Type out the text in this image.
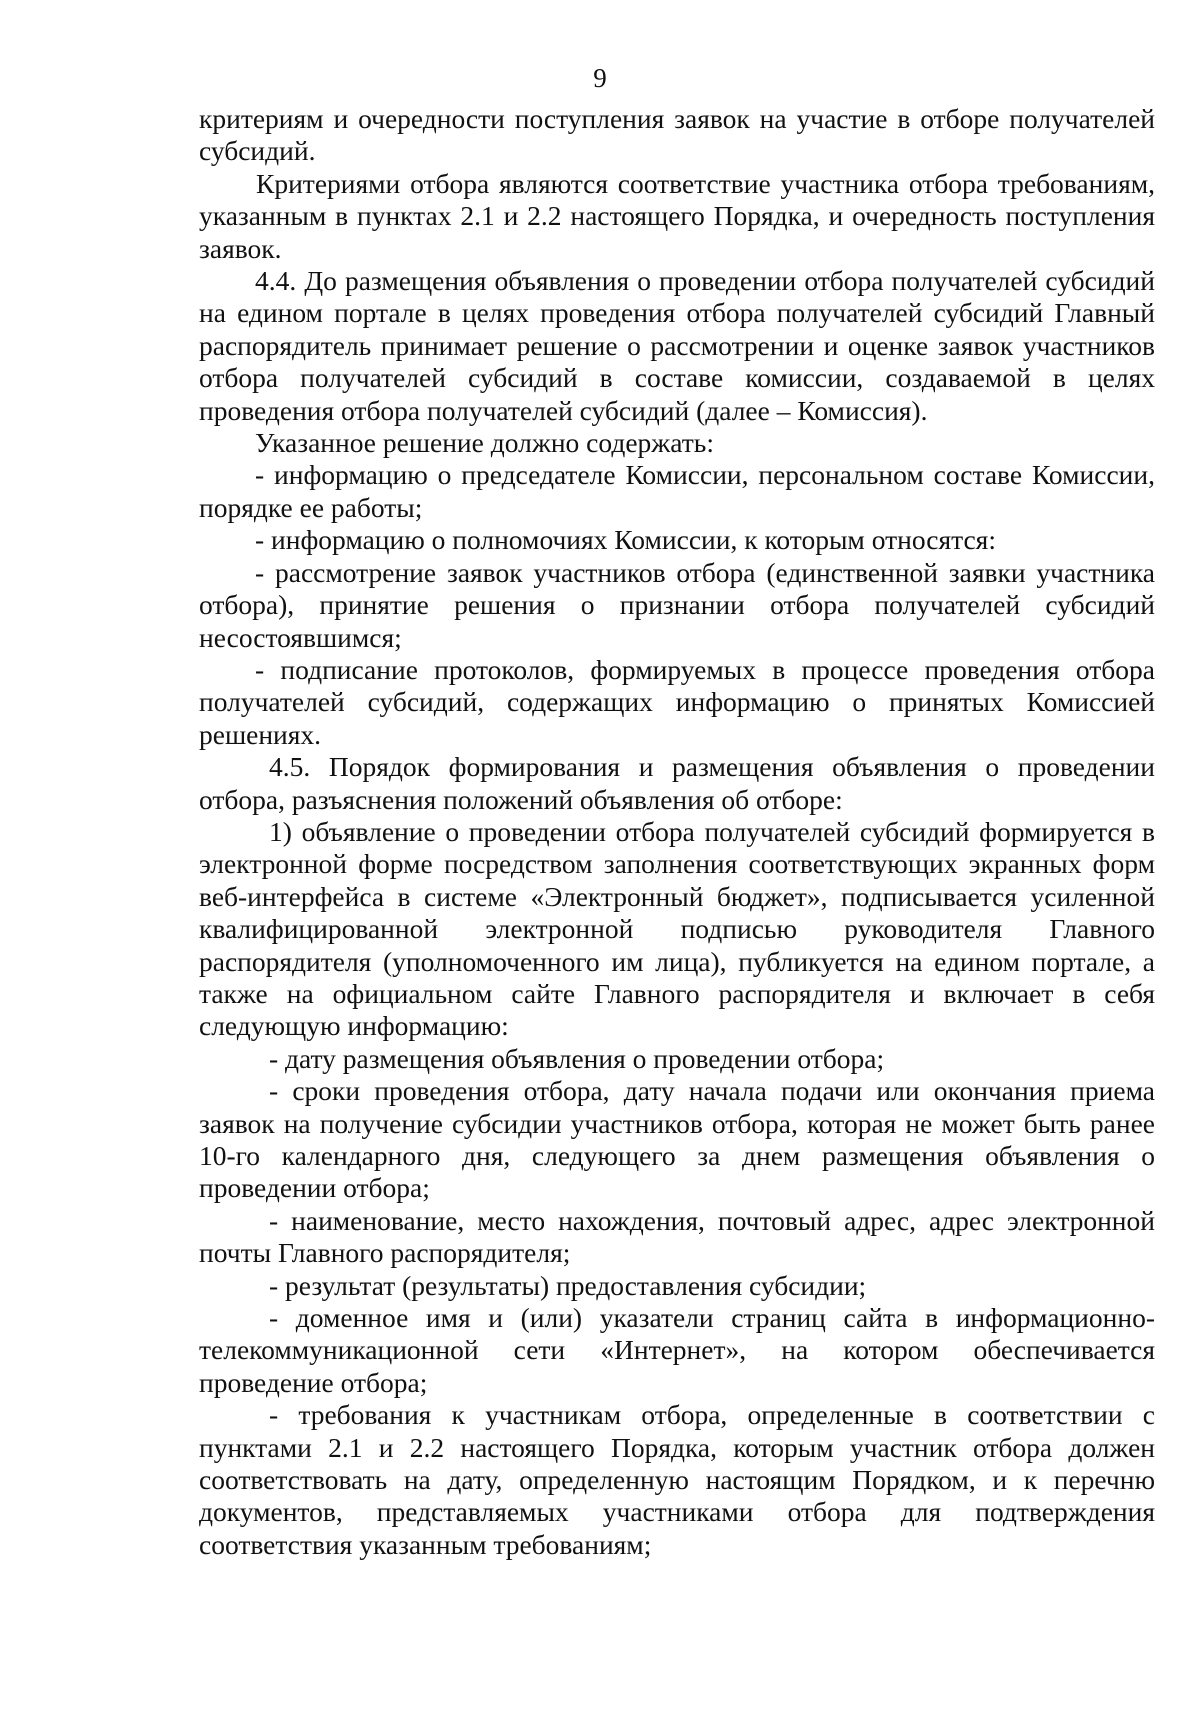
9

критериям и очередности поступления заявок на участие в отборе получателей субсидий.

Критериями отбора являются соответствие участника отбора требованиям, указанным в пунктах 2.1 и 2.2 настоящего Порядка, и очередность поступления заявок.

4.4. До размещения объявления о проведении отбора получателей субсидий на едином портале в целях проведения отбора получателей субсидий Главный распорядитель принимает решение о рассмотрении и оценке заявок участников отбора получателей субсидий в составе комиссии, создаваемой в целях проведения отбора получателей субсидий (далее – Комиссия).

Указанное решение должно содержать:

- информацию о председателе Комиссии, персональном составе Комиссии, порядке ее работы;

- информацию о полномочиях Комиссии, к которым относятся:

- рассмотрение заявок участников отбора (единственной заявки участника отбора), принятие решения о признании отбора получателей субсидий несостоявшимся;

- подписание протоколов, формируемых в процессе проведения отбора получателей субсидий, содержащих информацию о принятых Комиссией решениях.

4.5. Порядок формирования и размещения объявления о проведении отбора, разъяснения положений объявления об отборе:

1) объявление о проведении отбора получателей субсидий формируется в электронной форме посредством заполнения соответствующих экранных форм веб-интерфейса в системе «Электронный бюджет», подписывается усиленной квалифицированной электронной подписью руководителя Главного распорядителя (уполномоченного им лица), публикуется на едином портале, а также на официальном сайте Главного распорядителя и включает в себя следующую информацию:

- дату размещения объявления о проведении отбора;

- сроки проведения отбора, дату начала подачи или окончания приема заявок на получение субсидии участников отбора, которая не может быть ранее 10-го календарного дня, следующего за днем размещения объявления о проведении отбора;

- наименование, место нахождения, почтовый адрес, адрес электронной почты Главного распорядителя;

- результат (результаты) предоставления субсидии;

- доменное имя и (или) указатели страниц сайта в информационно-телекоммуникационной сети «Интернет», на котором обеспечивается проведение отбора;

- требования к участникам отбора, определенные в соответствии с пунктами 2.1 и 2.2 настоящего Порядка, которым участник отбора должен соответствовать на дату, определенную настоящим Порядком, и к перечню документов, представляемых участниками отбора для подтверждения соответствия указанным требованиям;
